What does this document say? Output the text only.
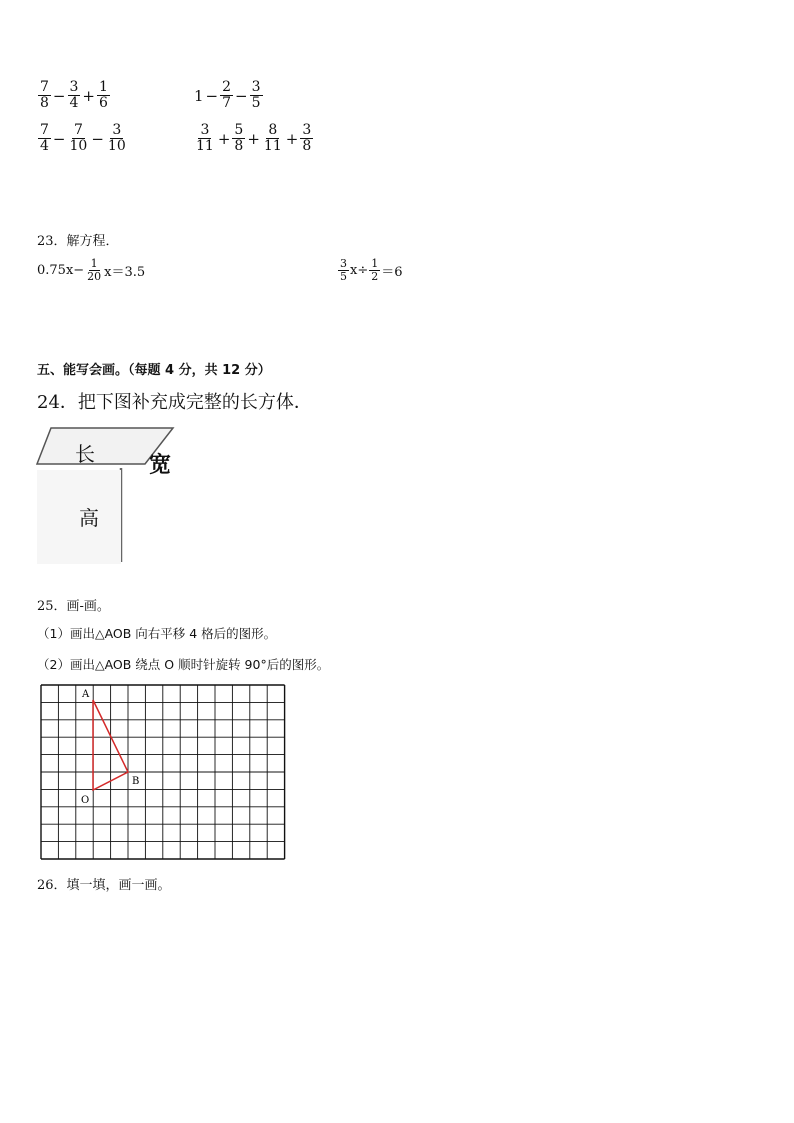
$\frac{7}{8} - \frac{3}{4} + \frac{1}{6}$	$1 - \frac{2}{7} - \frac{3}{5}$
$\frac{7}{4} - \frac{7}{10} - \frac{3}{10}$	$\frac{3}{11} + \frac{5}{8} + \frac{8}{11} + \frac{3}{8}$
23．解方程．
$0.75x- \frac{1}{20} x=3.5$	$\frac{3}{5} x\div \frac{1}{2} =6$
五、能写会画。（每题 4 分，共 12 分）
24．把下图补充成完整的长方体．
长 宽
高
25．画-画。
（1）画出△AOB 向右平移 4 格后的图形。
（2）画出△AOB 绕点 O 顺时针旋转 90°后的图形。
A
O
B
26．填一填，画一画。
